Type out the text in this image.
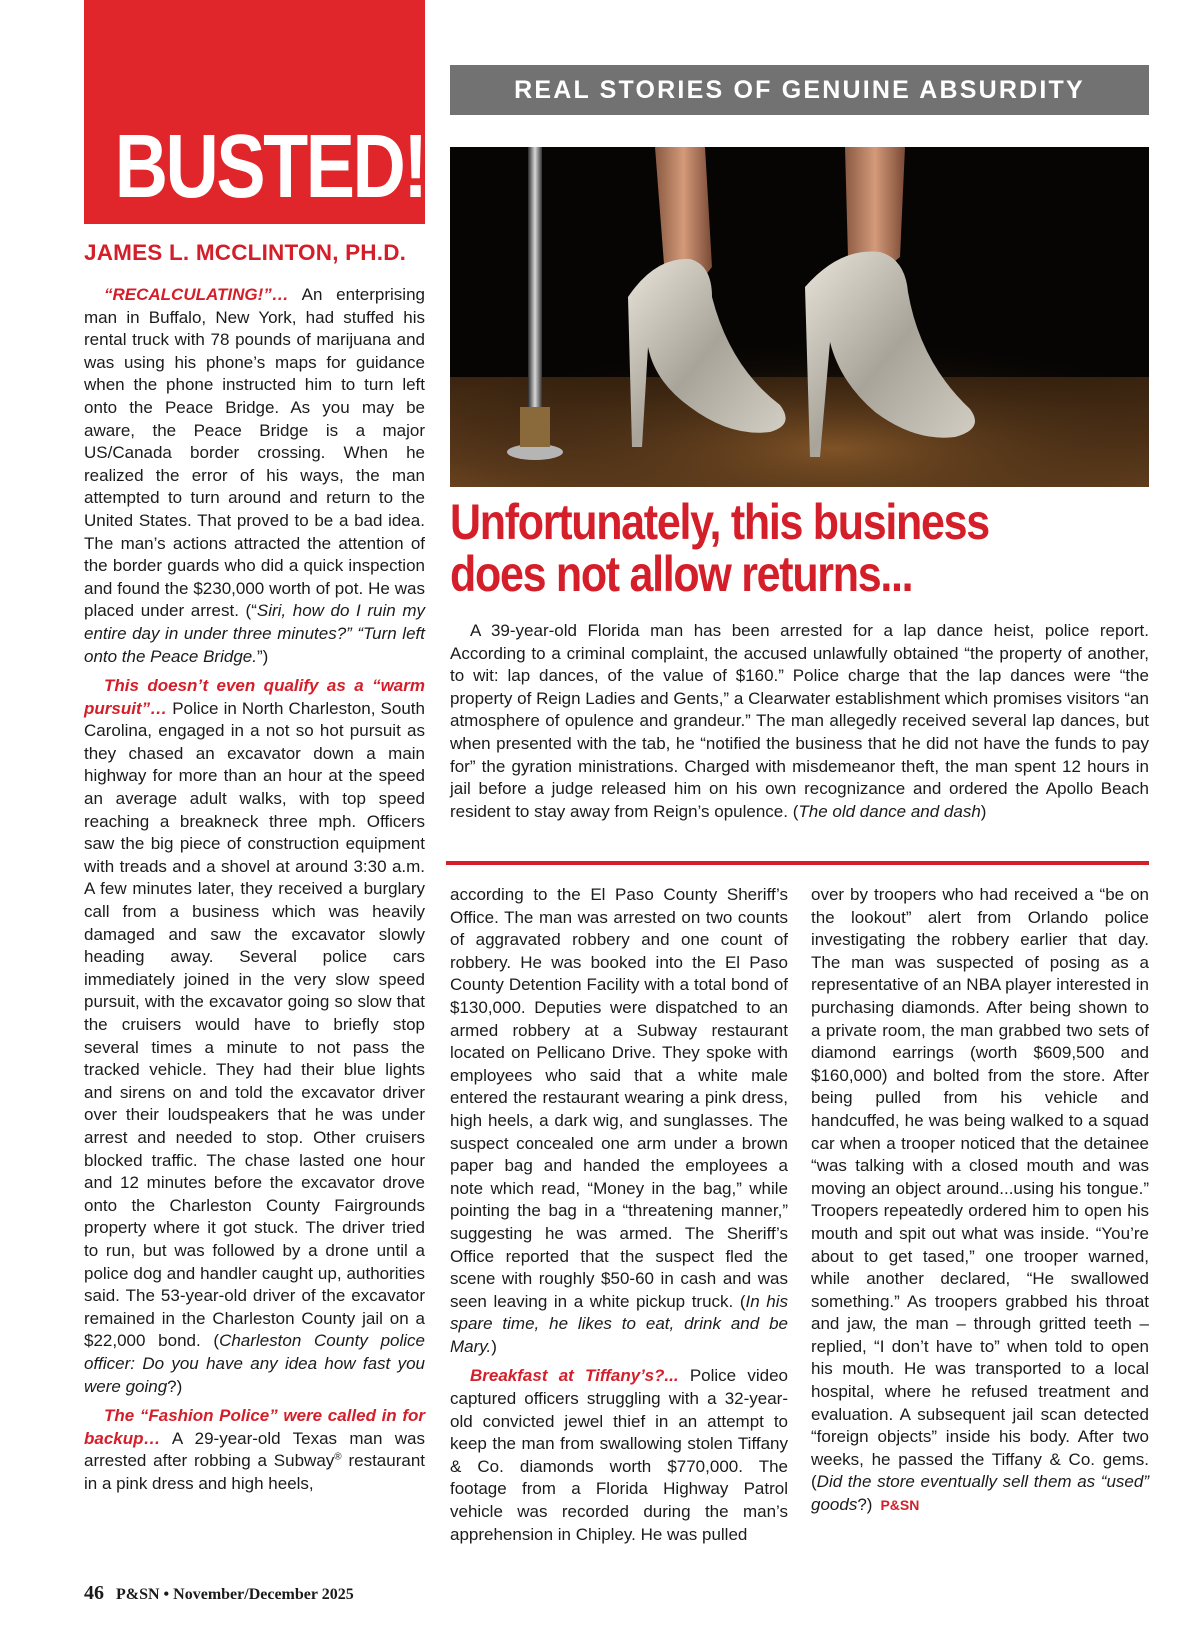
BUSTED!
JAMES L. MCCLINTON, PH.D.
REAL STORIES OF GENUINE ABSURDITY
Unfortunately, this business
does not allow returns...

A 39-year-old Florida man has been arrested for a lap dance heist, police report. According to a criminal complaint, the accused unlawfully obtained “the property of another, to wit: lap dances, of the value of $160.” Police charge that the lap dances were “the property of Reign Ladies and Gents,” a Clearwater establishment which promises visitors “an atmosphere of opulence and grandeur.” The man allegedly received several lap dances, but when presented with the tab, he “notified the business that he did not have the funds to pay for” the gyration ministrations. Charged with misdemeanor theft, the man spent 12 hours in jail before a judge released him on his own recognizance and ordered the Apollo Beach resident to stay away from Reign’s opulence. (The old dance and dash)

“RECALCULATING!”… An enterprising man in Buffalo, New York, had stuffed his rental truck with 78 pounds of marijuana and was using his phone’s maps for guidance when the phone instructed him to turn left onto the Peace Bridge. As you may be aware, the Peace Bridge is a major US/Canada border crossing. When he realized the error of his ways, the man attempted to turn around and return to the United States. That proved to be a bad idea. The man’s actions attracted the attention of the border guards who did a quick inspection and found the $230,000 worth of pot. He was placed under arrest. (“Siri, how do I ruin my entire day in under three minutes?” “Turn left onto the Peace Bridge.”)

This doesn’t even qualify as a “warm pursuit”… Police in North Charleston, South Carolina, engaged in a not so hot pursuit as they chased an excavator down a main highway for more than an hour at the speed an average adult walks, with top speed reaching a breakneck three mph. Officers saw the big piece of construction equipment with treads and a shovel at around 3:30 a.m. A few minutes later, they received a burglary call from a business which was heavily damaged and saw the excavator slowly heading away. Several police cars immediately joined in the very slow speed pursuit, with the excavator going so slow that the cruisers would have to briefly stop several times a minute to not pass the tracked vehicle. They had their blue lights and sirens on and told the excavator driver over their loudspeakers that he was under arrest and needed to stop. Other cruisers blocked traffic. The chase lasted one hour and 12 minutes before the excavator drove onto the Charleston County Fairgrounds property where it got stuck. The driver tried to run, but was followed by a drone until a police dog and handler caught up, authorities said. The 53-year-old driver of the excavator remained in the Charleston County jail on a $22,000 bond. (Charleston County police officer: Do you have any idea how fast you were going?)

The “Fashion Police” were called in for backup… A 29-year-old Texas man was arrested after robbing a Subway® restaurant in a pink dress and high heels,

according to the El Paso County Sheriff’s Office. The man was arrested on two counts of aggravated robbery and one count of robbery. He was booked into the El Paso County Detention Facility with a total bond of $130,000. Deputies were dispatched to an armed robbery at a Subway restaurant located on Pellicano Drive. They spoke with employees who said that a white male entered the restaurant wearing a pink dress, high heels, a dark wig, and sunglasses. The suspect concealed one arm under a brown paper bag and handed the employees a note which read, “Money in the bag,” while pointing the bag in a “threatening manner,” suggesting he was armed. The Sheriff’s Office reported that the suspect fled the scene with roughly $50-60 in cash and was seen leaving in a white pickup truck. (In his spare time, he likes to eat, drink and be Mary.)

Breakfast at Tiffany’s?... Police video captured officers struggling with a 32-year-old convicted jewel thief in an attempt to keep the man from swallowing stolen Tiffany & Co. diamonds worth $770,000. The footage from a Florida Highway Patrol vehicle was recorded during the man’s apprehension in Chipley. He was pulled

over by troopers who had received a “be on the lookout” alert from Orlando police investigating the robbery earlier that day. The man was suspected of posing as a representative of an NBA player interested in purchasing diamonds. After being shown to a private room, the man grabbed two sets of diamond earrings (worth $609,500 and $160,000) and bolted from the store. After being pulled from his vehicle and handcuffed, he was being walked to a squad car when a trooper noticed that the detainee “was talking with a closed mouth and was moving an object around...using his tongue.” Troopers repeatedly ordered him to open his mouth and spit out what was inside. “You’re about to get tased,” one trooper warned, while another declared, “He swallowed something.” As troopers grabbed his throat and jaw, the man – through gritted teeth – replied, “I don’t have to” when told to open his mouth. He was transported to a local hospital, where he refused treatment and evaluation. A subsequent jail scan detected “foreign objects” inside his body. After two weeks, he passed the Tiffany & Co. gems. (Did the store eventually sell them as “used” goods?) P&SN

46 P&SN • November/December 2025
